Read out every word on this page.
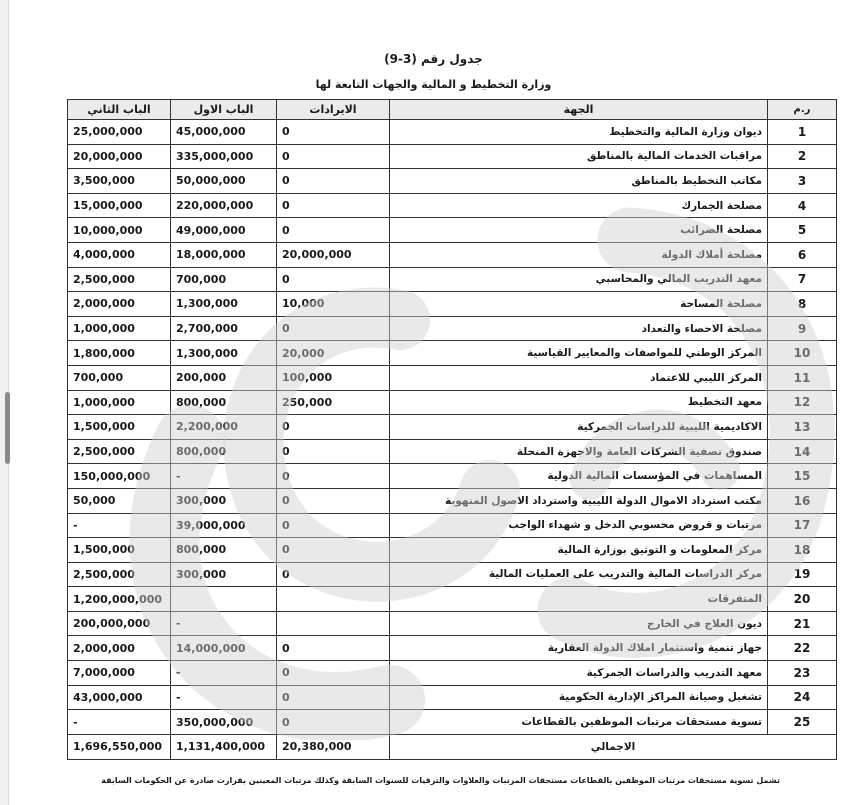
جدول رقم (3-9)
وزارة التخطيط و المالية والجهات التابعة لها
الباب الثاني	الباب الاول	الايرادات	الجهة	ر.م
25,000,000	45,000,000	0	ديوان وزارة المالية والتخطيط	1
20,000,000	335,000,000	0	مراقبات الخدمات المالية بالمناطق	2
3,500,000	50,000,000	0	مكاتب التخطيط بالمناطق	3
15,000,000	220,000,000	0	مصلحة الجمارك	4
10,000,000	49,000,000	0	مصلحة الضرائب	5
4,000,000	18,000,000	20,000,000	مصلحة أملاك الدولة	6
2,500,000	700,000	0	معهد التدريب المالي والمحاسبي	7
2,000,000	1,300,000	10,000	مصلحة المساحة	8
1,000,000	2,700,000	0	مصلحة الاحصاء والتعداد	9
1,800,000	1,300,000	20,000	المركز الوطني للمواصفات والمعايير القياسية	10
700,000	200,000	100,000	المركز الليبي للاعتماد	11
1,000,000	800,000	250,000	معهد التخطيط	12
1,500,000	2,200,000	0	الاكاديمية الليبية للدراسات الجمركية	13
2,500,000	800,000	0	صندوق تصفية الشركات العامة والاجهزة المنحلة	14
150,000,000	-	0	المساهمات في المؤسسات المالية الدولية	15
50,000	300,000	0	مكتب استرداد الاموال الدولة الليبية واسترداد الاصول المنهوبة	16
-	39,000,000	0	مرتبات و قروض محسوبي الدخل و شهداء الواجب	17
1,500,000	800,000	0	مركز المعلومات و التوثيق بوزارة المالية	18
2,500,000	300,000	0	مركز الدراسات المالية والتدريب على العمليات المالية	19
1,200,000,000			المتفرقات	20
200,000,000	-		ديون العلاج في الخارج	21
2,000,000	14,000,000	0	جهاز تنمية واستثمار املاك الدولة العقارية	22
7,000,000	-	0	معهد التدريب والدراسات الجمركية	23
43,000,000	-	0	تشغيل وصيانة المراكز الإدارية الحكومية	24
-	350,000,000	0	تسوية مستحقات مرتبات الموظفين بالقطاعات	25
1,696,550,000	1,131,400,000	20,380,000	الاجمالي	
تشمل تسوية مستحقات مرتبات الموظفين بالقطاعات مستحقات المرتبات والعلاوات والترقيات للسنوات السابقة وكذلك مرتبات المعينين بقرارت صادرة عن الحكومات السابقة
